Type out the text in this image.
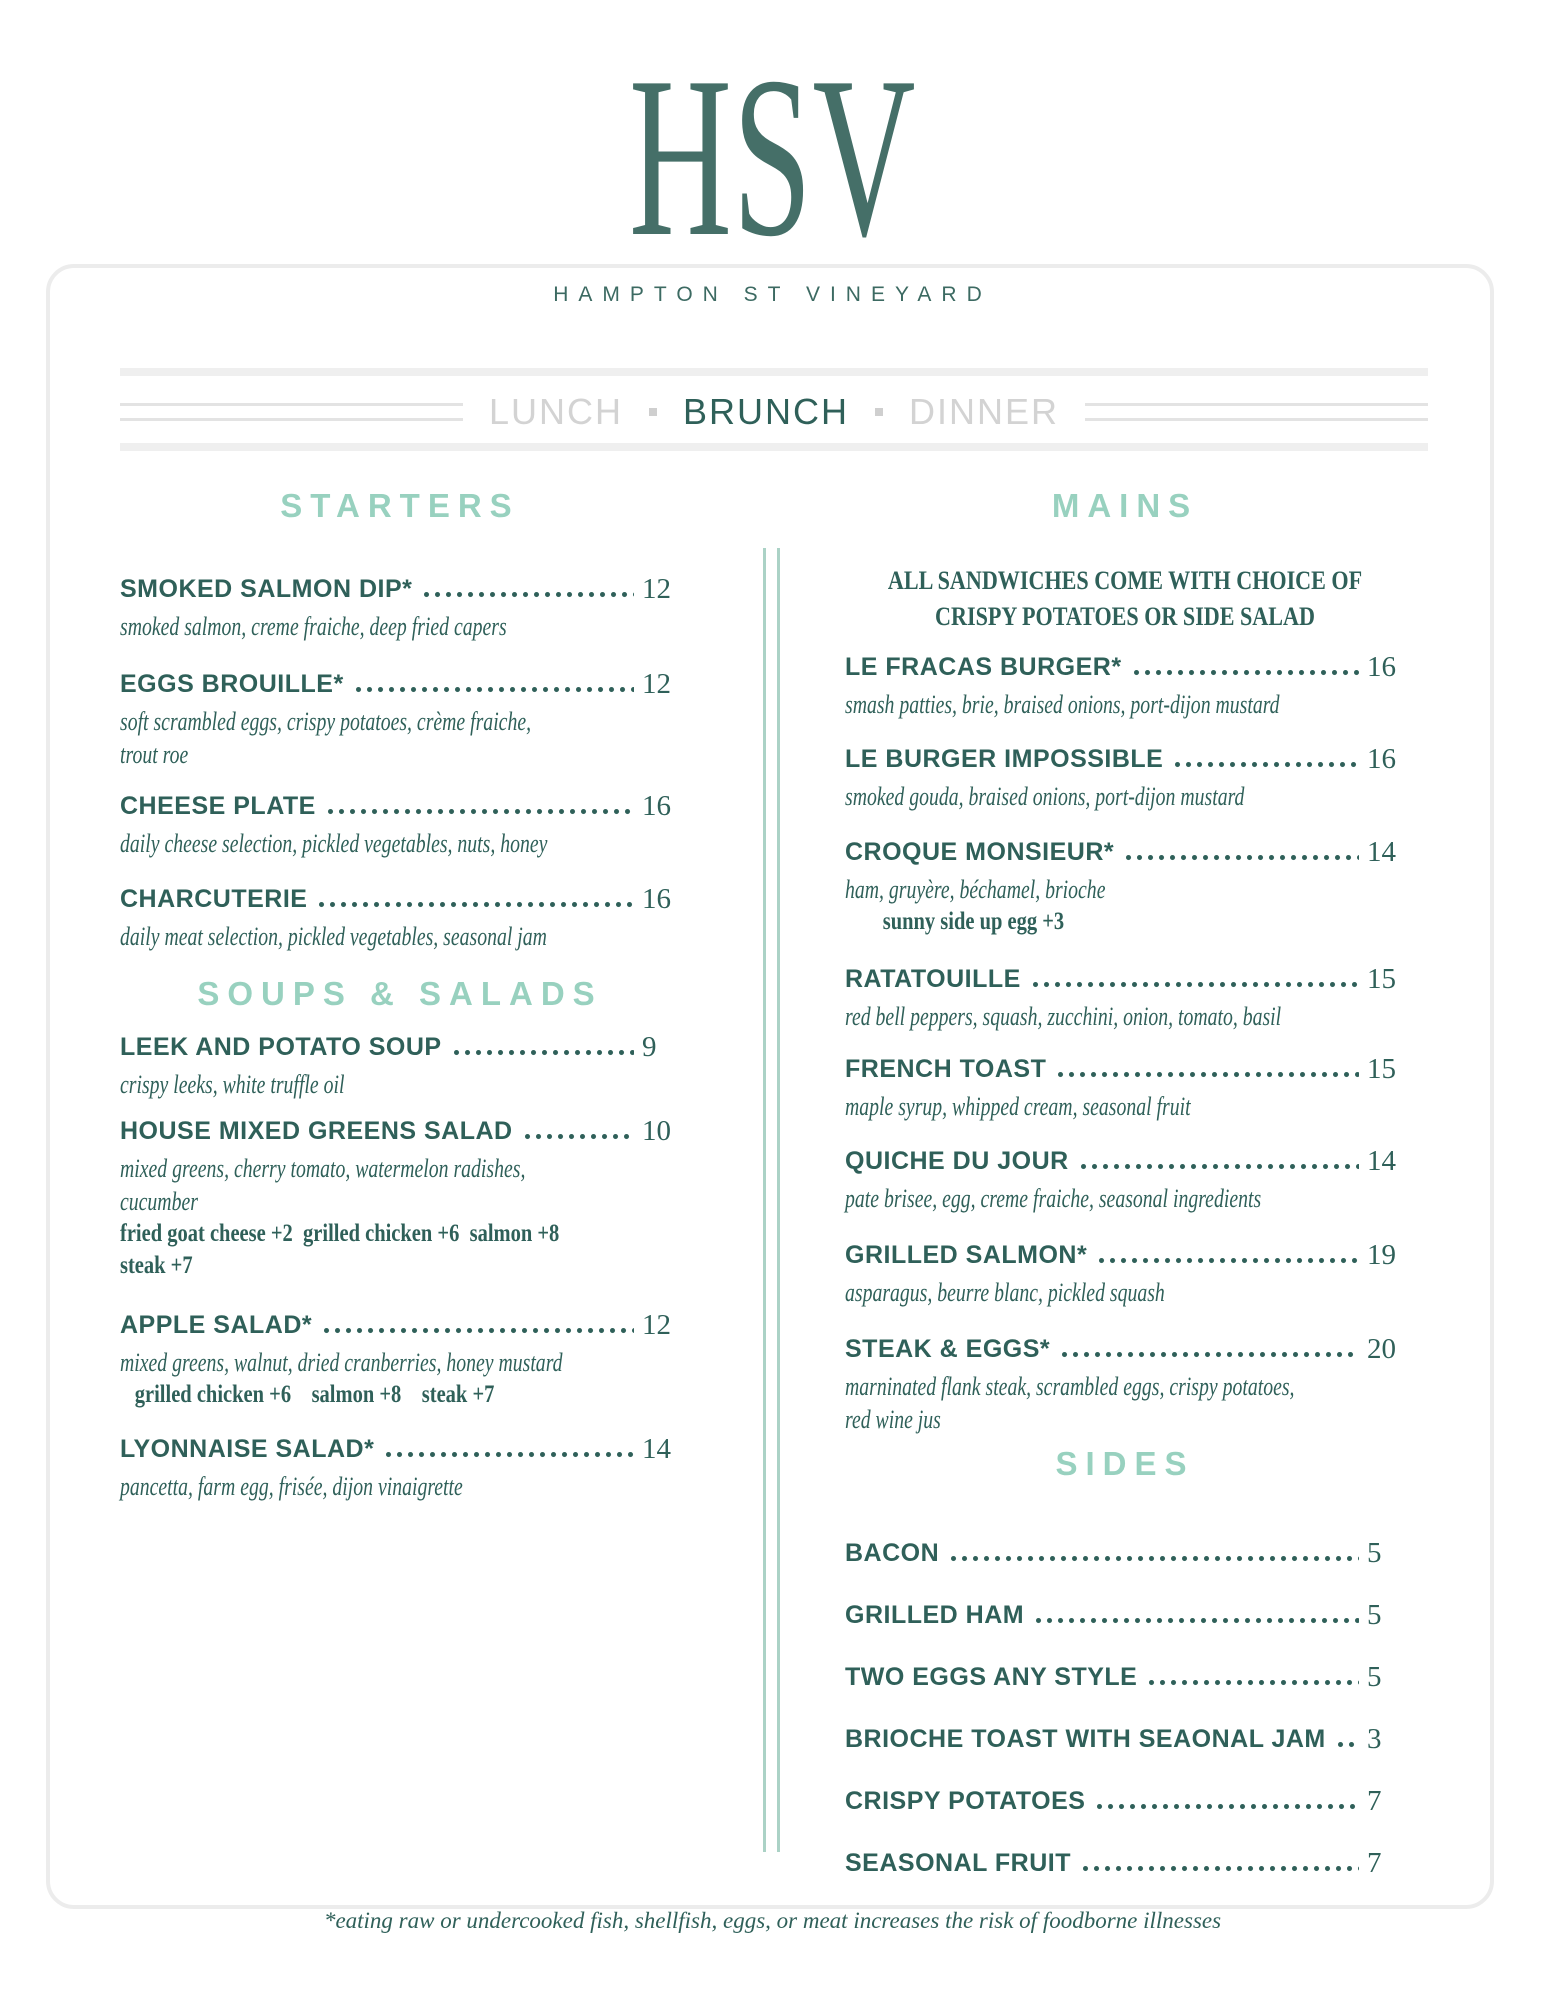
HSV
HAMPTON ST VINEYARD
LUNCH BRUNCH DINNER
STARTERS
SMOKED SALMON DIP*	12
smoked salmon, creme fraiche, deep fried capers
EGGS BROUILLE*	12
soft scrambled eggs, crispy potatoes, crème fraiche,
trout roe
CHEESE PLATE	16
daily cheese selection, pickled vegetables, nuts, honey
CHARCUTERIE	16
daily meat selection, pickled vegetables, seasonal jam
SOUPS & SALADS
LEEK AND POTATO SOUP	9
crispy leeks, white truffle oil
HOUSE MIXED GREENS SALAD	10
mixed greens, cherry tomato, watermelon radishes,
cucumber
fried goat cheese +2  grilled chicken +6  salmon +8
steak +7
APPLE SALAD*	12
mixed greens, walnut, dried cranberries, honey mustard
grilled chicken +6    salmon +8    steak +7
LYONNAISE SALAD*	14
pancetta, farm egg, frisée, dijon vinaigrette
MAINS
ALL SANDWICHES COME WITH CHOICE OF
CRISPY POTATOES OR SIDE SALAD
LE FRACAS BURGER*	16
smash patties, brie, braised onions, port-dijon mustard
LE BURGER IMPOSSIBLE	16
smoked gouda, braised onions, port-dijon mustard
CROQUE MONSIEUR*	14
ham, gruyère, béchamel, brioche
sunny side up egg +3
RATATOUILLE	15
red bell peppers, squash, zucchini, onion, tomato, basil
FRENCH TOAST	15
maple syrup, whipped cream, seasonal fruit
QUICHE DU JOUR	14
pate brisee, egg, creme fraiche, seasonal ingredients
GRILLED SALMON*	19
asparagus, beurre blanc, pickled squash
STEAK & EGGS*	20
marninated flank steak, scrambled eggs, crispy potatoes,
red wine jus
SIDES
BACON	5
GRILLED HAM	5
TWO EGGS ANY STYLE	5
BRIOCHE TOAST WITH SEAONAL JAM 3
CRISPY POTATOES	7
SEASONAL FRUIT	7
*eating raw or undercooked fish, shellfish, eggs, or meat increases the risk of foodborne illnesses
